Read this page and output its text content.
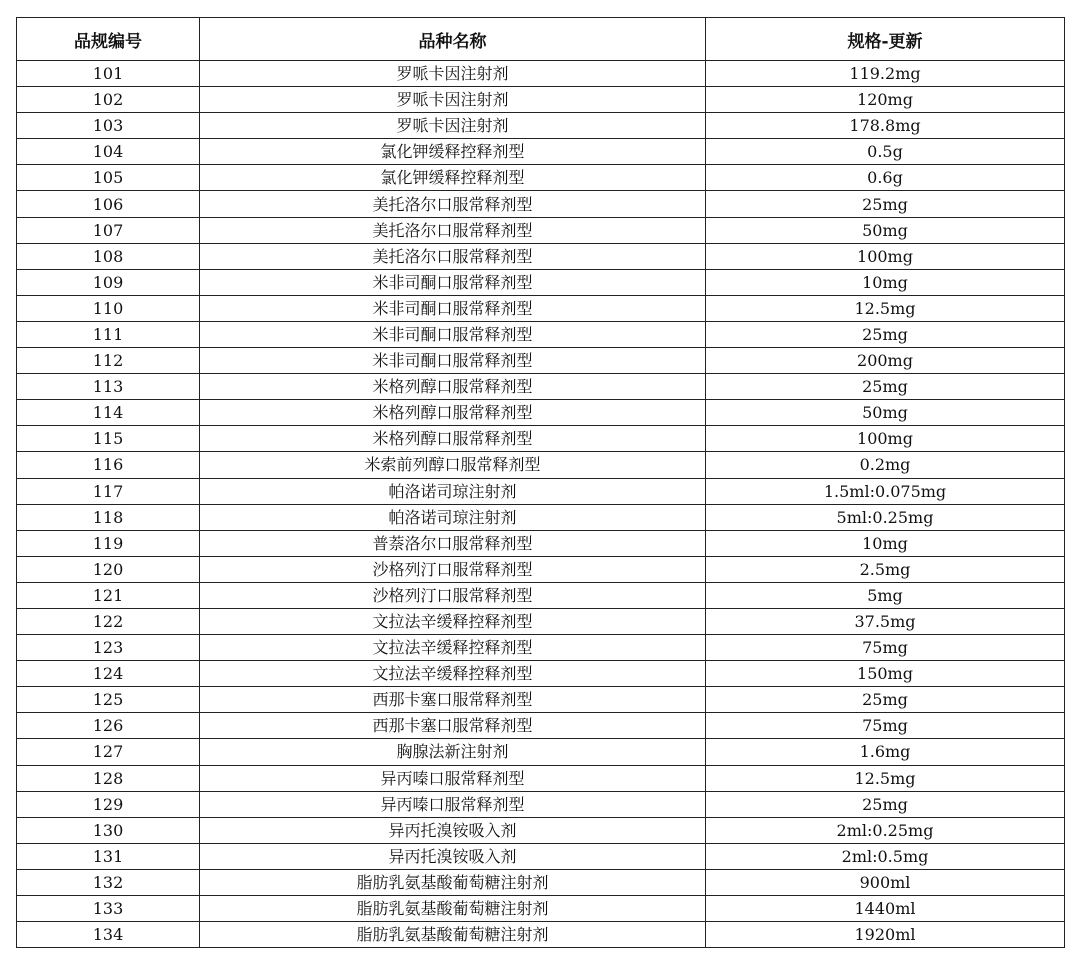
品规编号	品种名称	规格-更新
101	罗哌卡因注射剂	119.2mg
102	罗哌卡因注射剂	120mg
103	罗哌卡因注射剂	178.8mg
104	氯化钾缓释控释剂型	0.5g
105	氯化钾缓释控释剂型	0.6g
106	美托洛尔口服常释剂型	25mg
107	美托洛尔口服常释剂型	50mg
108	美托洛尔口服常释剂型	100mg
109	米非司酮口服常释剂型	10mg
110	米非司酮口服常释剂型	12.5mg
111	米非司酮口服常释剂型	25mg
112	米非司酮口服常释剂型	200mg
113	米格列醇口服常释剂型	25mg
114	米格列醇口服常释剂型	50mg
115	米格列醇口服常释剂型	100mg
116	米索前列醇口服常释剂型	0.2mg
117	帕洛诺司琼注射剂	1.5ml:0.075mg
118	帕洛诺司琼注射剂	5ml:0.25mg
119	普萘洛尔口服常释剂型	10mg
120	沙格列汀口服常释剂型	2.5mg
121	沙格列汀口服常释剂型	5mg
122	文拉法辛缓释控释剂型	37.5mg
123	文拉法辛缓释控释剂型	75mg
124	文拉法辛缓释控释剂型	150mg
125	西那卡塞口服常释剂型	25mg
126	西那卡塞口服常释剂型	75mg
127	胸腺法新注射剂	1.6mg
128	异丙嗪口服常释剂型	12.5mg
129	异丙嗪口服常释剂型	25mg
130	异丙托溴铵吸入剂	2ml:0.25mg
131	异丙托溴铵吸入剂	2ml:0.5mg
132	脂肪乳氨基酸葡萄糖注射剂	900ml
133	脂肪乳氨基酸葡萄糖注射剂	1440ml
134	脂肪乳氨基酸葡萄糖注射剂	1920ml
